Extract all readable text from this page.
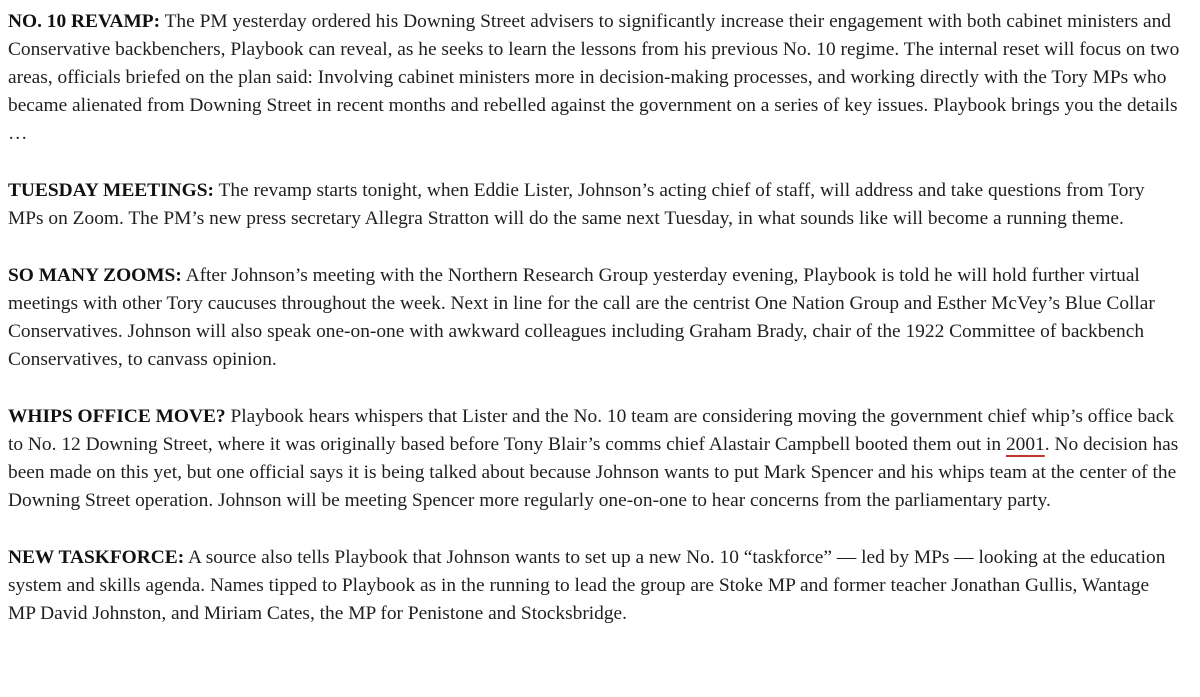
NO. 10 REVAMP: The PM yesterday ordered his Downing Street advisers to significantly increase their engagement with both cabinet ministers and Conservative backbenchers, Playbook can reveal, as he seeks to learn the lessons from his previous No. 10 regime. The internal reset will focus on two areas, officials briefed on the plan said: Involving cabinet ministers more in decision-making processes, and working directly with the Tory MPs who became alienated from Downing Street in recent months and rebelled against the government on a series of key issues. Playbook brings you the details …

TUESDAY MEETINGS: The revamp starts tonight, when Eddie Lister, Johnson’s acting chief of staff, will address and take questions from Tory MPs on Zoom. The PM’s new press secretary Allegra Stratton will do the same next Tuesday, in what sounds like will become a running theme.

SO MANY ZOOMS: After Johnson’s meeting with the Northern Research Group yesterday evening, Playbook is told he will hold further virtual meetings with other Tory caucuses throughout the week. Next in line for the call are the centrist One Nation Group and Esther McVey’s Blue Collar Conservatives. Johnson will also speak one-on-one with awkward colleagues including Graham Brady, chair of the 1922 Committee of backbench Conservatives, to canvass opinion.

WHIPS OFFICE MOVE? Playbook hears whispers that Lister and the No. 10 team are considering moving the government chief whip’s office back to No. 12 Downing Street, where it was originally based before Tony Blair’s comms chief Alastair Campbell booted them out in 2001. No decision has been made on this yet, but one official says it is being talked about because Johnson wants to put Mark Spencer and his whips team at the center of the Downing Street operation. Johnson will be meeting Spencer more regularly one-on-one to hear concerns from the parliamentary party.

NEW TASKFORCE: A source also tells Playbook that Johnson wants to set up a new No. 10 “taskforce” — led by MPs — looking at the education system and skills agenda. Names tipped to Playbook as in the running to lead the group are Stoke MP and former teacher Jonathan Gullis, Wantage MP David Johnston, and Miriam Cates, the MP for Penistone and Stocksbridge.
